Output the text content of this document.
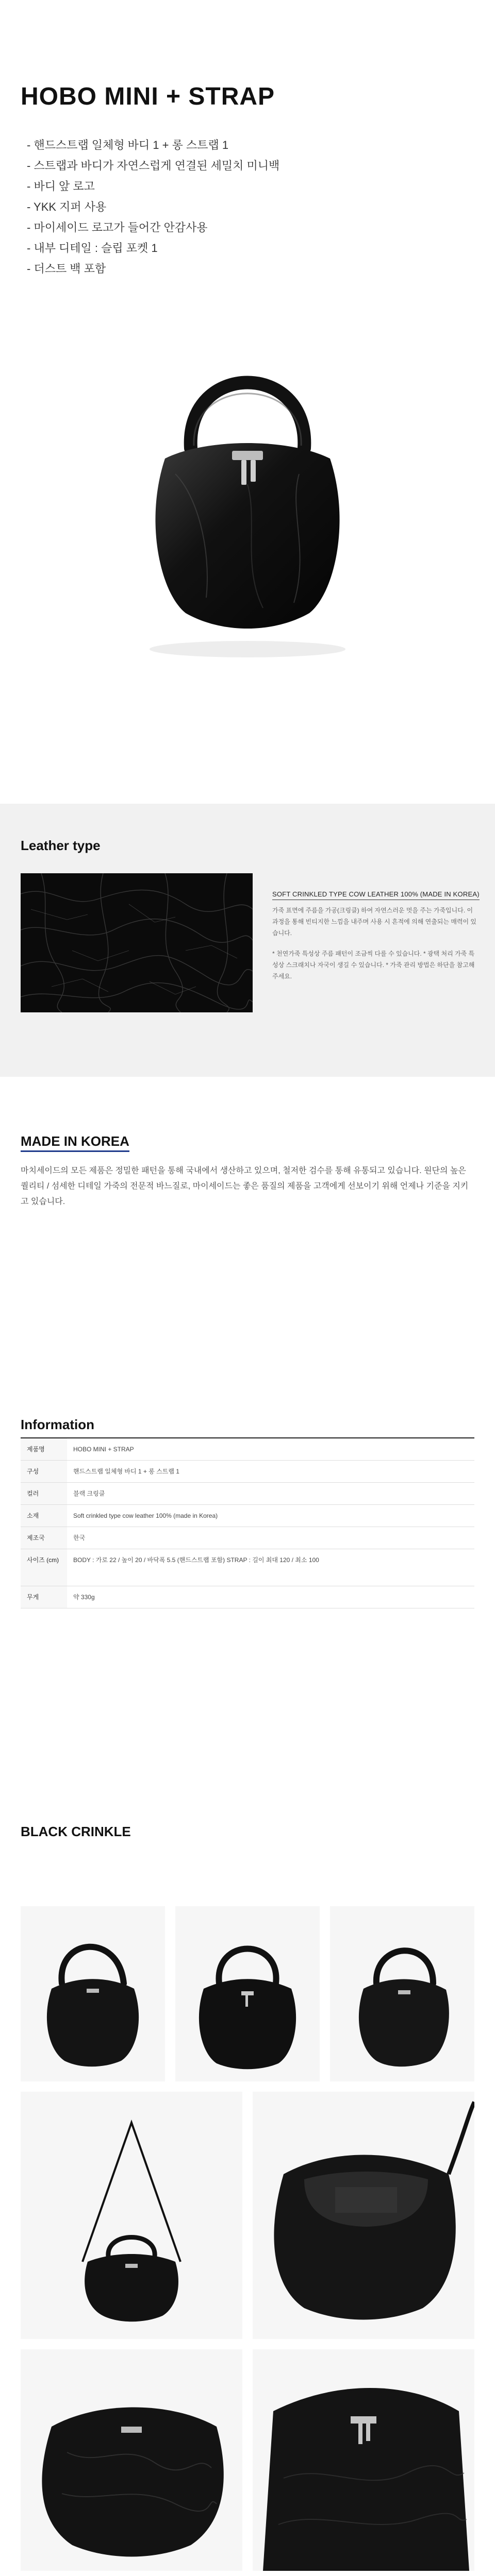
HOBO MINI + STRAP
- 핸드스트랩 일체형 바디 1 + 롱 스트랩 1
- 스트랩과 바디가 자연스럽게 연결된 세밀치 미니백
- 바디 앞 로고
- YKK 지퍼 사용
- 마이세이드 로고가 들어간 안감사용
- 내부 디테일 : 슬립 포켓 1
- 더스트 백 포함
Leather type
SOFT CRINKLED TYPE COW LEATHER 100% (MADE IN KOREA)

가죽 표면에 주름을 가공(크링클) 하여 자연스러운 멋을 주는 가죽입니다. 이 과정을 통해 빈티지한 느낌을 내주며 사용 시 흔적에 의해 연출되는 매력이 있습니다.

* 천연가죽 특성상 주름 패턴이 조금씩 다를 수 있습니다. * 광택 처리 가죽 특성상 스크래치나 자국이 생길 수 있습니다. * 가죽 관리 방법은 하단을 참고해주세요.

MADE IN KOREA

마치세이드의 모든 제품은 정밀한 패턴을 통해 국내에서 생산하고 있으며, 철저한 검수를 통해 유통되고 있습니다. 원단의 높은 퀄리티 / 섬세한 디테일 가죽의 전문적 바느질로, 마이세이드는 좋은 품질의 제품을 고객에게 선보이기 위해 언제나 기준을 지키고 있습니다.

Information
제품명	HOBO MINI + STRAP
구성	핸드스트랩 일체형 바디 1 + 롱 스트랩 1
컬러	블랙 크링클
소재	Soft crinkled type cow leather 100% (made in Korea)
제조국	한국
사이즈 (cm)	BODY : 가로 22 / 높이 20 / 바닥폭 5.5 (핸드스트랩 포함) STRAP : 길이 최대 120 / 최소 100
무게	약 330g
BLACK CRINKLE
